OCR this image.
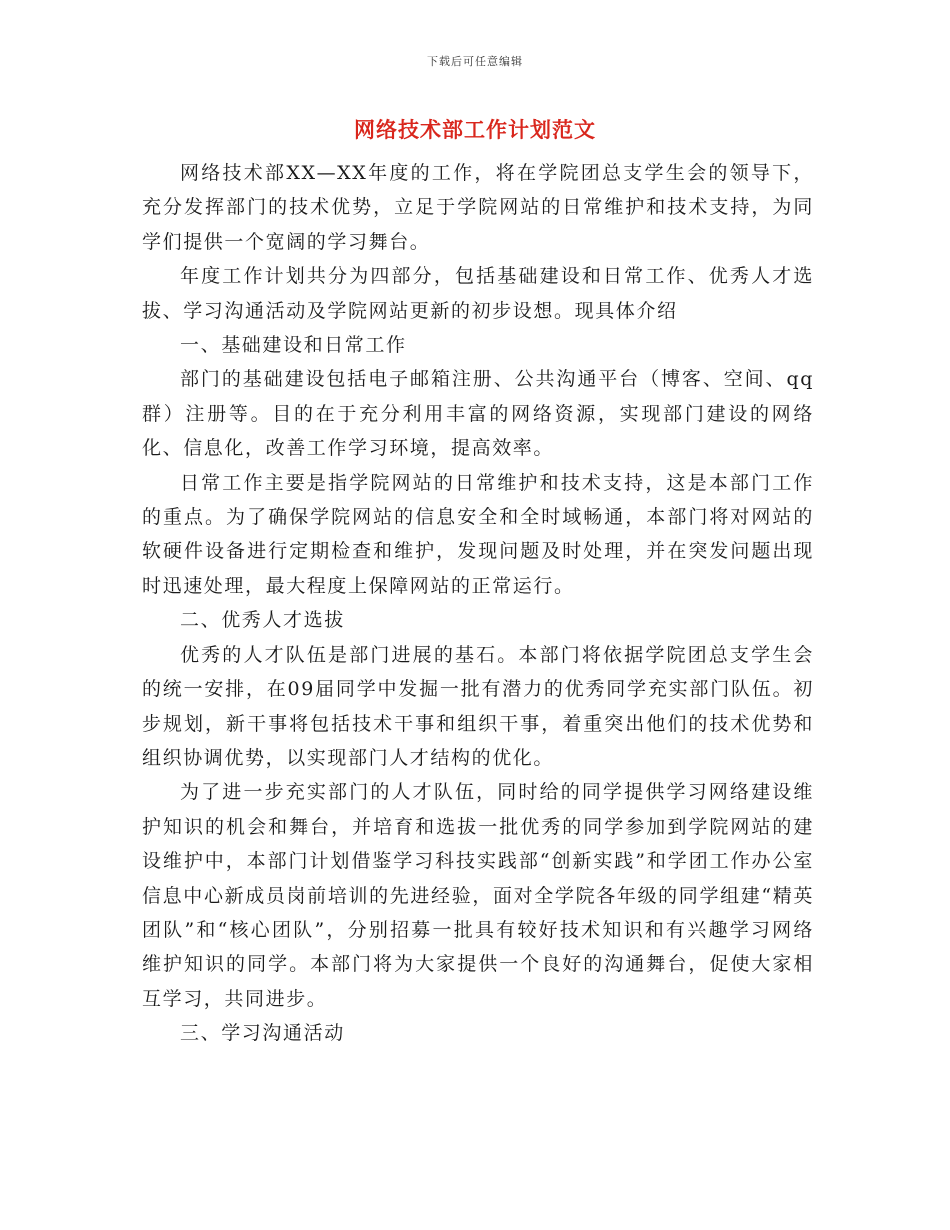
下载后可任意编辑
网络技术部工作计划范文

网络技术部XX—XX年度的工作，将在学院团总支学生会的领导下，充分发挥部门的技术优势，立足于学院网站的日常维护和技术支持，为同学们提供一个宽阔的学习舞台。

年度工作计划共分为四部分，包括基础建设和日常工作、优秀人才选拔、学习沟通活动及学院网站更新的初步设想。现具体介绍

一、基础建设和日常工作

部门的基础建设包括电子邮箱注册、公共沟通平台（博客、空间、qq群）注册等。目的在于充分利用丰富的网络资源，实现部门建设的网络化、信息化，改善工作学习环境，提高效率。

日常工作主要是指学院网站的日常维护和技术支持，这是本部门工作的重点。为了确保学院网站的信息安全和全时域畅通，本部门将对网站的软硬件设备进行定期检查和维护，发现问题及时处理，并在突发问题出现时迅速处理，最大程度上保障网站的正常运行。

二、优秀人才选拔

优秀的人才队伍是部门进展的基石。本部门将依据学院团总支学生会的统一安排，在09届同学中发掘一批有潜力的优秀同学充实部门队伍。初步规划，新干事将包括技术干事和组织干事，着重突出他们的技术优势和组织协调优势，以实现部门人才结构的优化。

为了进一步充实部门的人才队伍，同时给的同学提供学习网络建设维护知识的机会和舞台，并培育和选拔一批优秀的同学参加到学院网站的建设维护中，本部门计划借鉴学习科技实践部“创新实践”和学团工作办公室信息中心新成员岗前培训的先进经验，面对全学院各年级的同学组建“精英团队”和“核心团队”，分别招募一批具有较好技术知识和有兴趣学习网络维护知识的同学。本部门将为大家提供一个良好的沟通舞台，促使大家相互学习，共同进步。

三、学习沟通活动
